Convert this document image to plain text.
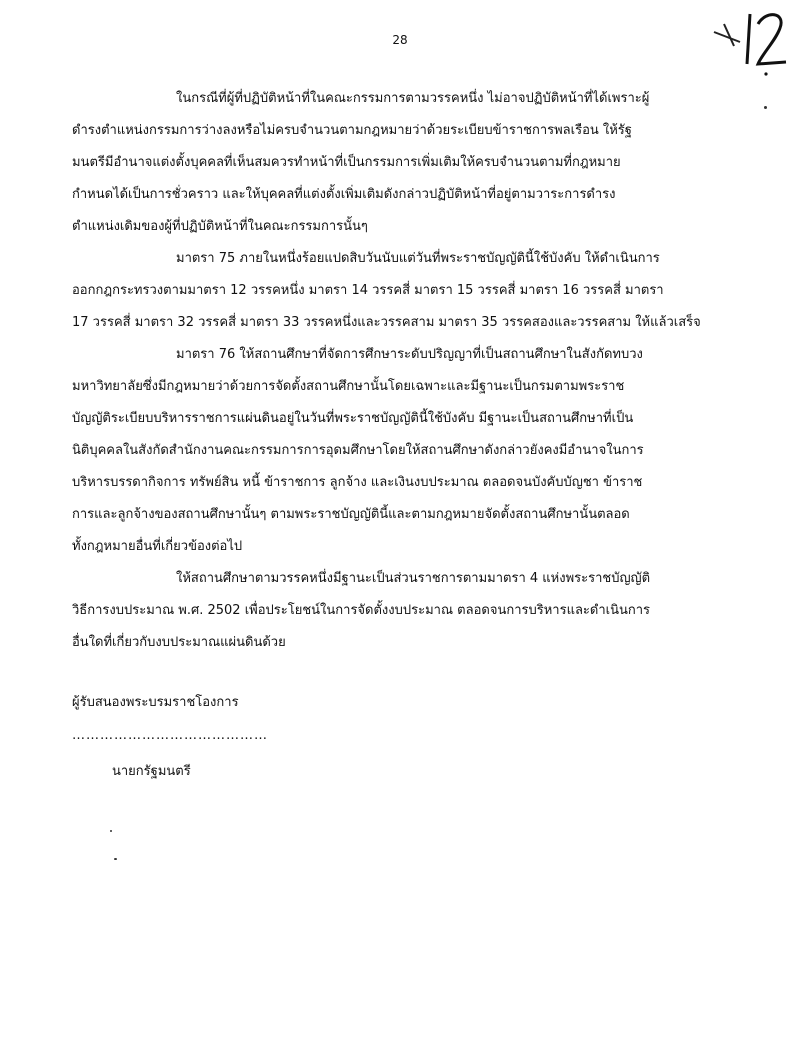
28
ในกรณีที่ผู้ที่ปฏิบัติหน้าที่ในคณะกรรมการตามวรรคหนึ่ง ไม่อาจปฏิบัติหน้าที่ได้เพราะผู้
ดำรงตำแหน่งกรรมการว่างลงหรือไม่ครบจำนวนตามกฎหมายว่าด้วยระเบียบข้าราชการพลเรือน ให้รัฐ
มนตรีมีอำนาจแต่งตั้งบุคคลที่เห็นสมควรทำหน้าที่เป็นกรรมการเพิ่มเติมให้ครบจำนวนตามที่กฎหมาย
กำหนดได้เป็นการชั่วคราว และให้บุคคลที่แต่งตั้งเพิ่มเติมดังกล่าวปฏิบัติหน้าที่อยู่ตามวาระการดำรง
ตำแหน่งเดิมของผู้ที่ปฏิบัติหน้าที่ในคณะกรรมการนั้นๆ
มาตรา 75 ภายในหนึ่งร้อยแปดสิบวันนับแต่วันที่พระราชบัญญัตินี้ใช้บังคับ ให้ดำเนินการ
ออกกฎกระทรวงตามมาตรา 12 วรรคหนึ่ง มาตรา 14 วรรคสี่ มาตรา 15 วรรคสี่ มาตรา 16 วรรคสี่ มาตรา
17 วรรคสี่ มาตรา 32 วรรคสี่ มาตรา 33 วรรคหนึ่งและวรรคสาม มาตรา 35 วรรคสองและวรรคสาม ให้แล้วเสร็จ
มาตรา 76 ให้สถานศึกษาที่จัดการศึกษาระดับปริญญาที่เป็นสถานศึกษาในสังกัดทบวง
มหาวิทยาลัยซึ่งมีกฎหมายว่าด้วยการจัดตั้งสถานศึกษานั้นโดยเฉพาะและมีฐานะเป็นกรมตามพระราช
บัญญัติระเบียบบริหารราชการแผ่นดินอยู่ในวันที่พระราชบัญญัตินี้ใช้บังคับ มีฐานะเป็นสถานศึกษาที่เป็น
นิติบุคคลในสังกัดสำนักงานคณะกรรมการการอุดมศึกษาโดยให้สถานศึกษาดังกล่าวยังคงมีอำนาจในการ
บริหารบรรดากิจการ ทรัพย์สิน หนี้ ข้าราชการ ลูกจ้าง และเงินงบประมาณ ตลอดจนบังคับบัญชา ข้าราช
การและลูกจ้างของสถานศึกษานั้นๆ ตามพระราชบัญญัตินี้และตามกฎหมายจัดตั้งสถานศึกษานั้นตลอด
ทั้งกฎหมายอื่นที่เกี่ยวข้องต่อไป
ให้สถานศึกษาตามวรรคหนึ่งมีฐานะเป็นส่วนราชการตามมาตรา 4 แห่งพระราชบัญญัติ
วิธีการงบประมาณ พ.ศ. 2502 เพื่อประโยชน์ในการจัดตั้งงบประมาณ ตลอดจนการบริหารและดำเนินการ
อื่นใดที่เกี่ยวกับงบประมาณแผ่นดินด้วย
ผู้รับสนองพระบรมราชโองการ
……………………………………
นายกรัฐมนตรี
